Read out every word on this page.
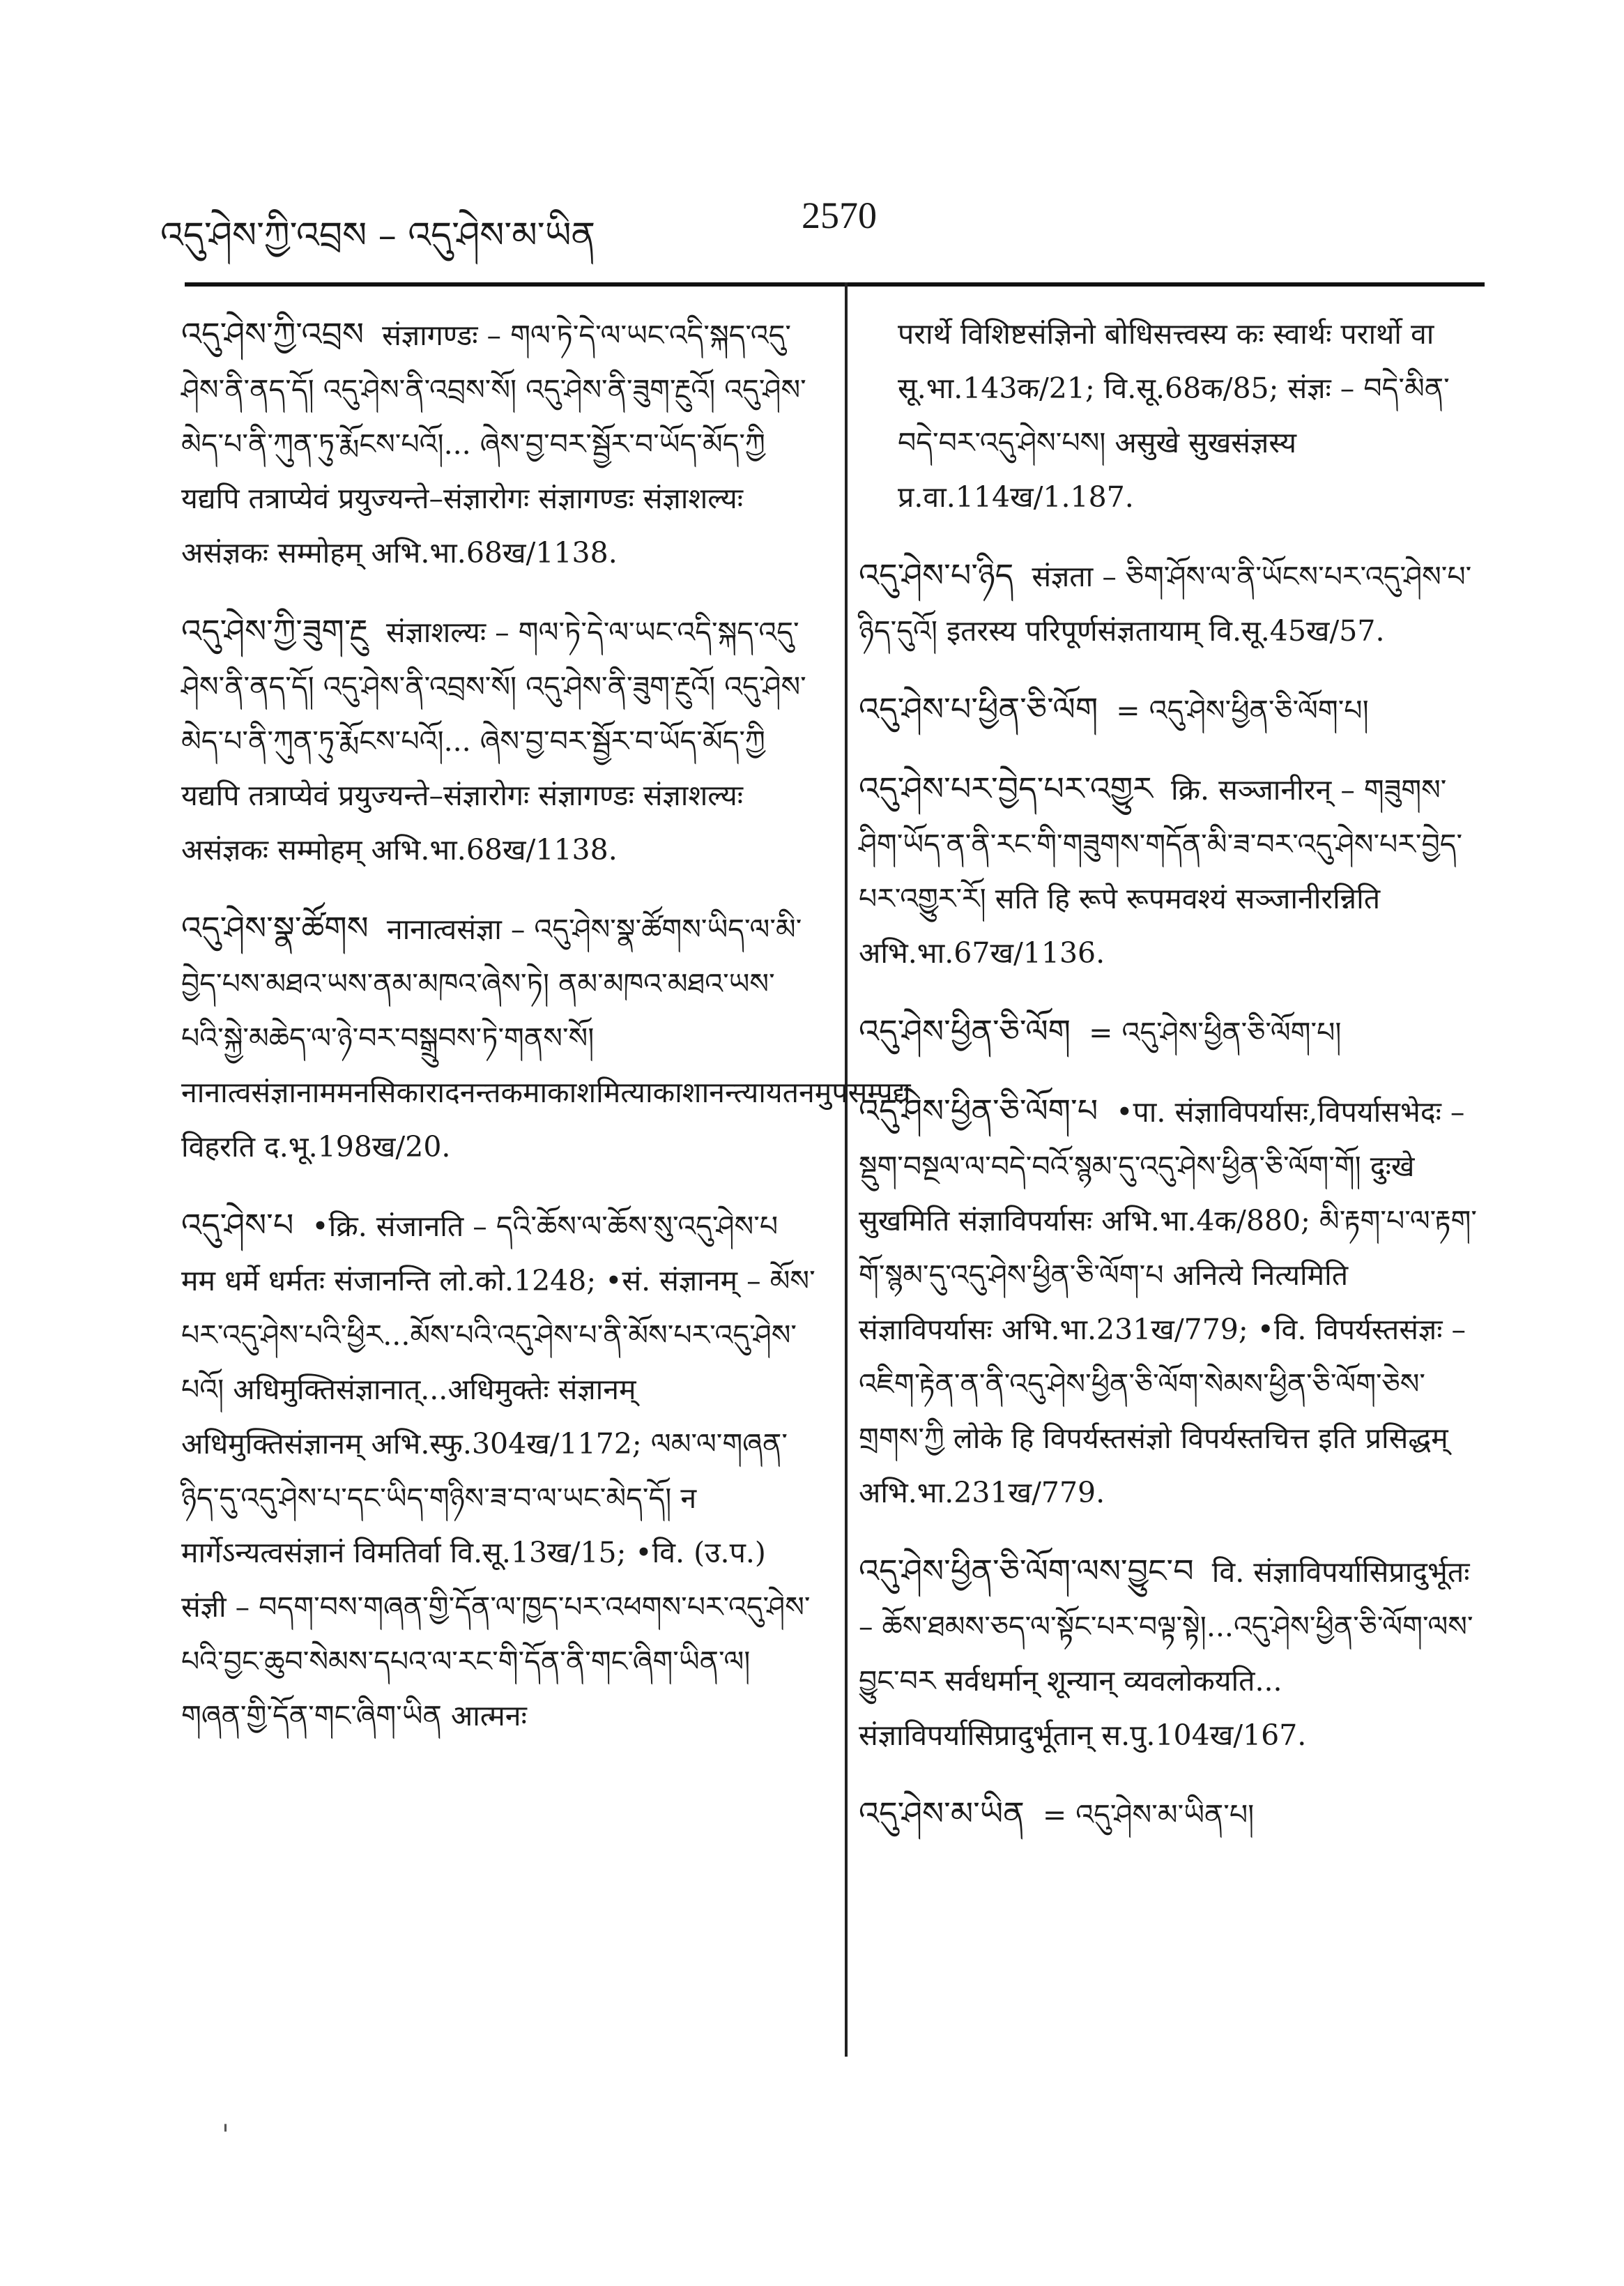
འདུ་ཤེས་ཀྱི་འབྲས – འདུ་ཤེས་མ་ཡིན	2570

འདུ་ཤེས་ཀྱི་འབྲས संज्ञागण्डः – གལ་ཏེ་དེ་ལ་ཡང་འདི་སྐད་འདུ་ཤེས་ནི་ནད་དོ། འདུ་ཤེས་ནི་འབྲས་སོ། འདུ་ཤེས་ནི་ཟུག་རྔུའོ། འདུ་ཤེས་མེད་པ་ནི་ཀུན་ཏུ་རྨོངས་པའོ།... ཞེས་བྱ་བར་སྦྱོར་བ་ཡོད་མོད་ཀྱི यद्यपि तत्राप्येवं प्रयुज्यन्ते–संज्ञारोगः संज्ञागण्डः संज्ञाशल्यः असंज्ञकः सम्मोहम् अभि.भा.68ख/1138.

འདུ་ཤེས་ཀྱི་ཟུག་རྔུ संज्ञाशल्यः – གལ་ཏེ་དེ་ལ་ཡང་འདི་སྐད་འདུ་ཤེས་ནི་ནད་དོ། འདུ་ཤེས་ནི་འབྲས་སོ། འདུ་ཤེས་ནི་ཟུག་རྔུའོ། འདུ་ཤེས་མེད་པ་ནི་ཀུན་ཏུ་རྨོངས་པའོ།... ཞེས་བྱ་བར་སྦྱོར་བ་ཡོད་མོད་ཀྱི यद्यपि तत्राप्येवं प्रयुज्यन्ते–संज्ञारोगः संज्ञागण्डः संज्ञाशल्यः असंज्ञकः सम्मोहम् अभि.भा.68ख/1138.

འདུ་ཤེས་སྣ་ཚོགས नानात्वसंज्ञा – འདུ་ཤེས་སྣ་ཚོགས་ཡིད་ལ་མི་བྱེད་པས་མཐའ་ཡས་ནམ་མཁའ་ཞེས་ཏེ། ནམ་མཁའ་མཐའ་ཡས་པའི་སྐྱེ་མཆེད་ལ་ཉེ་བར་བསྒྲུབས་ཏེ་གནས་སོ། नानात्वसंज्ञानाममनसिकारादनन्तकमाकाशमित्याकाशानन्त्यायतनमुपसम्पद्य विहरति द.भू.198ख/20.

འདུ་ཤེས་པ •क्रि. संजानति – དའི་ཆོས་ལ་ཆོས་སུ་འདུ་ཤེས་པ मम धर्मे धर्मतः संजानन्ति लो.को.1248; •सं. संज्ञानम् – མོས་པར་འདུ་ཤེས་པའི་ཕྱིར...མོས་པའི་འདུ་ཤེས་པ་ནི་མོས་པར་འདུ་ཤེས་པའོ། अधिमुक्तिसंज्ञानात्...अधिमुक्तेः संज्ञानम् अधिमुक्तिसंज्ञानम् अभि.स्फु.304ख/1172; ལམ་ལ་གཞན་ཉིད་དུ་འདུ་ཤེས་པ་དང་ཡིད་གཉིས་ཟ་བ་ལ་ཡང་མེད་དོ། न मार्गेऽन्यत्वसंज्ञानं विमतिर्वा वि.सू.13ख/15; •वि. (उ.प.) संज्ञी – བདག་བས་གཞན་གྱི་དོན་ལ་ཁྱད་པར་འཕགས་པར་འདུ་ཤེས་པའི་བྱང་ཆུབ་སེམས་དཔའ་ལ་རང་གི་དོན་ནི་གང་ཞིག་ཡིན་ལ། གཞན་གྱི་དོན་གང་ཞིག་ཡིན आत्मनः

परार्थे विशिष्टसंज्ञिनो बोधिसत्त्वस्य कः स्वार्थः परार्थो वा सू.भा.143क/21; वि.सू.68क/85; संज्ञः – བདེ་མིན་བདེ་བར་འདུ་ཤེས་པས། असुखे सुखसंज्ञस्य प्र.वा.114ख/1.187.

འདུ་ཤེས་པ་ཉིད संज्ञता – ཅིག་ཤོས་ལ་ནི་ཡོངས་པར་འདུ་ཤེས་པ་ཉིད་དུའོ། इतरस्य परिपूर्णसंज्ञतायाम् वि.सू.45ख/57.

འདུ་ཤེས་པ་ཕྱིན་ཅི་ལོག = འདུ་ཤེས་ཕྱིན་ཅི་ལོག་པ།

འདུ་ཤེས་པར་བྱེད་པར་འགྱུར क्रि. सञ्जानीरन् – གཟུགས་ཤིག་ཡོད་ན་ནི་རང་གི་གཟུགས་གདོན་མི་ཟ་བར་འདུ་ཤེས་པར་བྱེད་པར་འགྱུར་རོ། सति हि रूपे रूपमवश्यं सञ्जानीरन्निति अभि.भा.67ख/1136.

འདུ་ཤེས་ཕྱིན་ཅི་ལོག = འདུ་ཤེས་ཕྱིན་ཅི་ལོག་པ།

འདུ་ཤེས་ཕྱིན་ཅི་ལོག་པ •पा. संज्ञाविपर्यासः,विपर्यासभेदः – སྡུག་བསྔལ་ལ་བདེ་བའོ་སྙམ་དུ་འདུ་ཤེས་ཕྱིན་ཅི་ལོག་གོ། दुःखे सुखमिति संज्ञाविपर्यासः अभि.भा.4क/880; མི་རྟག་པ་ལ་རྟག་གོ་སྙམ་དུ་འདུ་ཤེས་ཕྱིན་ཅི་ལོག་པ अनित्ये नित्यमिति संज्ञाविपर्यासः अभि.भा.231ख/779; •वि. विपर्यस्तसंज्ञः – འཇིག་རྟེན་ན་ནི་འདུ་ཤེས་ཕྱིན་ཅི་ལོག་སེམས་ཕྱིན་ཅི་ལོག་ཅེས་གྲགས་ཀྱི लोके हि विपर्यस्तसंज्ञो विपर्यस्तचित्त इति प्रसिद्धम् अभि.भा.231ख/779.

འདུ་ཤེས་ཕྱིན་ཅི་ལོག་ལས་བྱུང་བ वि. संज्ञाविपर्यासिप्रादुर्भूतः – ཆོས་ཐམས་ཅད་ལ་སྟོང་པར་བལྟ་སྟེ།...འདུ་ཤེས་ཕྱིན་ཅི་ལོག་ལས་བྱུང་བར सर्वधर्मान् शून्यान् व्यवलोकयति... संज्ञाविपर्यासिप्रादुर्भूतान् स.पु.104ख/167.

འདུ་ཤེས་མ་ཡིན = འདུ་ཤེས་མ་ཡིན་པ།

'
